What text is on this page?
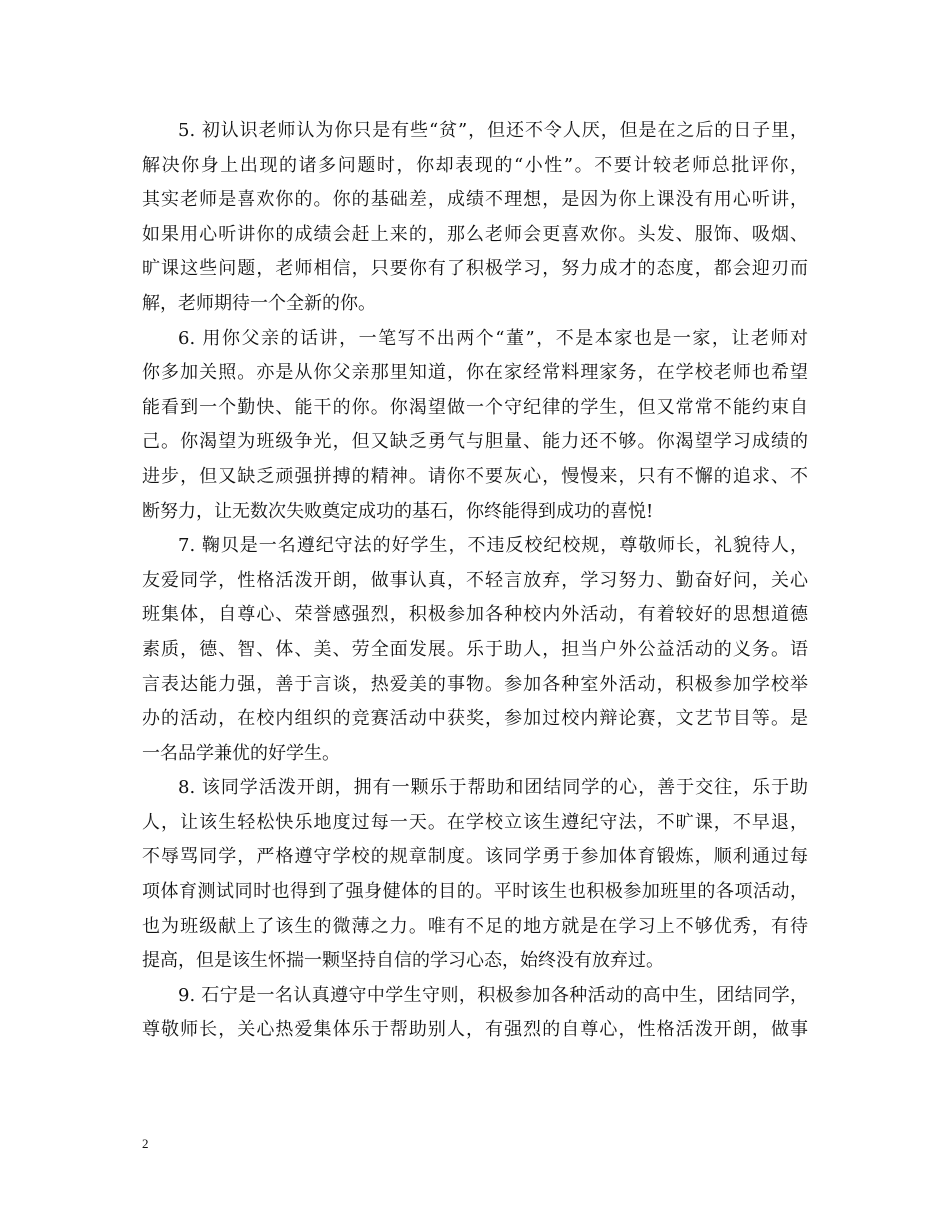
5. 初认识老师认为你只是有些“贫”，但还不令人厌，但是在之后的日子里，
解决你身上出现的诸多问题时，你却表现的“小性”。不要计较老师总批评你，
其实老师是喜欢你的。你的基础差，成绩不理想，是因为你上课没有用心听讲，
如果用心听讲你的成绩会赶上来的，那么老师会更喜欢你。头发、服饰、吸烟、
旷课这些问题，老师相信，只要你有了积极学习，努力成才的态度，都会迎刃而
解，老师期待一个全新的你。
6. 用你父亲的话讲，一笔写不出两个“董”，不是本家也是一家，让老师对
你多加关照。亦是从你父亲那里知道，你在家经常料理家务，在学校老师也希望
能看到一个勤快、能干的你。你渴望做一个守纪律的学生，但又常常不能约束自
己。你渴望为班级争光，但又缺乏勇气与胆量、能力还不够。你渴望学习成绩的
进步，但又缺乏顽强拼搏的精神。请你不要灰心，慢慢来，只有不懈的追求、不
断努力，让无数次失败奠定成功的基石，你终能得到成功的喜悦!
7. 鞠贝是一名遵纪守法的好学生，不违反校纪校规，尊敬师长，礼貌待人，
友爱同学，性格活泼开朗，做事认真，不轻言放弃，学习努力、勤奋好问，关心
班集体，自尊心、荣誉感强烈，积极参加各种校内外活动，有着较好的思想道德
素质，德、智、体、美、劳全面发展。乐于助人，担当户外公益活动的义务。语
言表达能力强，善于言谈，热爱美的事物。参加各种室外活动，积极参加学校举
办的活动，在校内组织的竞赛活动中获奖，参加过校内辩论赛，文艺节目等。是
一名品学兼优的好学生。
8. 该同学活泼开朗，拥有一颗乐于帮助和团结同学的心，善于交往，乐于助
人，让该生轻松快乐地度过每一天。在学校立该生遵纪守法，不旷课，不早退，
不辱骂同学，严格遵守学校的规章制度。该同学勇于参加体育锻炼，顺利通过每
项体育测试同时也得到了强身健体的目的。平时该生也积极参加班里的各项活动，
也为班级献上了该生的微薄之力。唯有不足的地方就是在学习上不够优秀，有待
提高，但是该生怀揣一颗坚持自信的学习心态，始终没有放弃过。
9. 石宁是一名认真遵守中学生守则，积极参加各种活动的高中生，团结同学，
尊敬师长，关心热爱集体乐于帮助别人，有强烈的自尊心，性格活泼开朗，做事
2
